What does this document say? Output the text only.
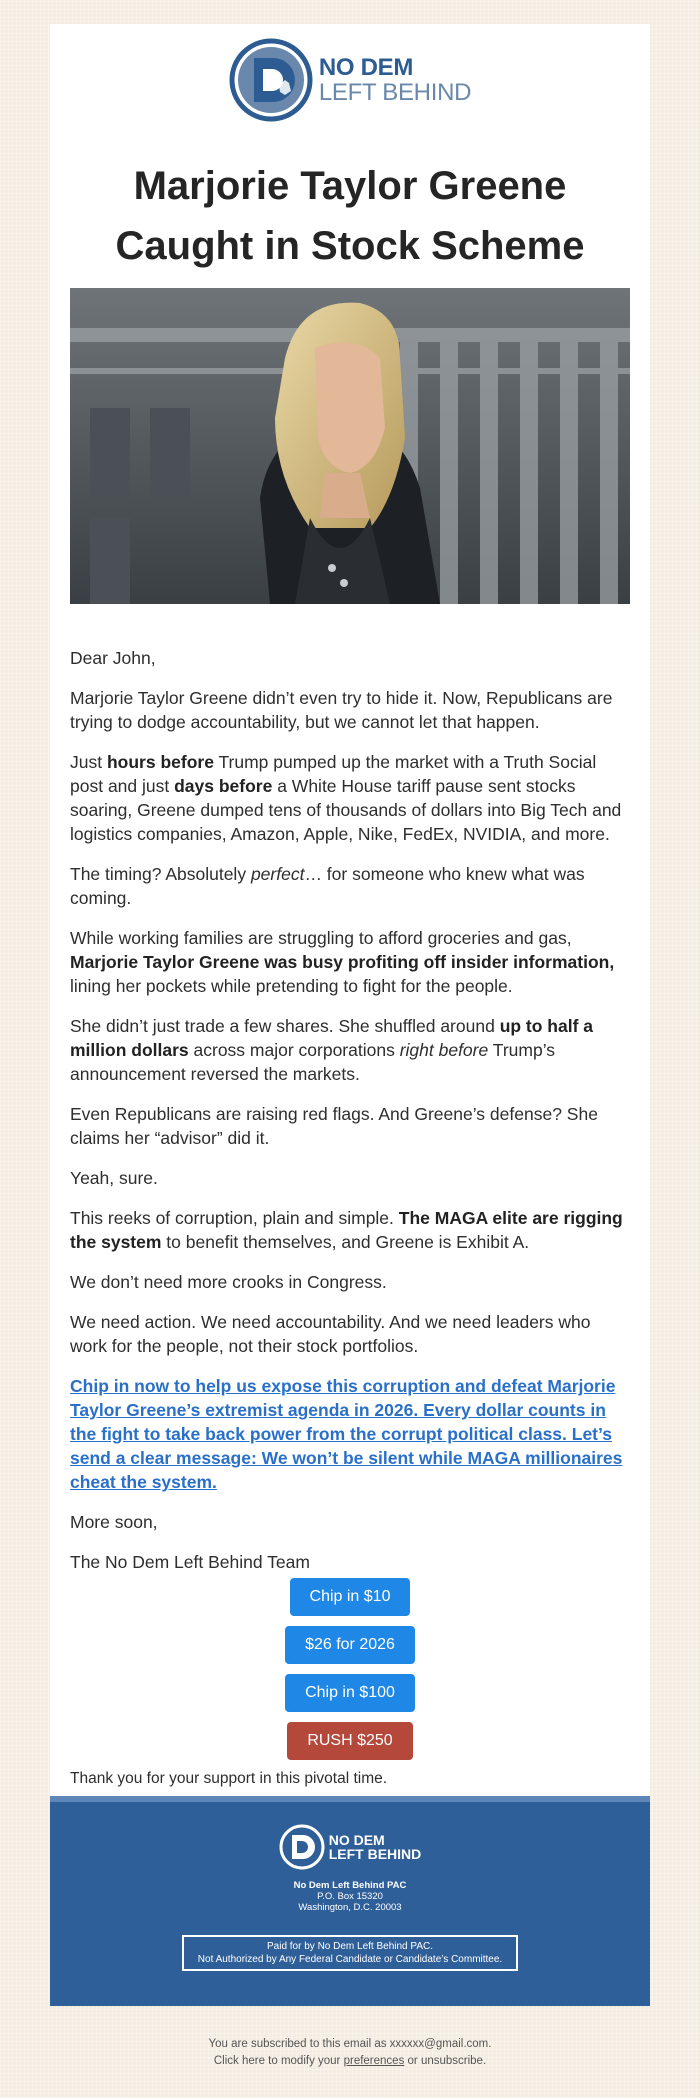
NO DEM
LEFT BEHIND
Marjorie Taylor Greene Caught in Stock Scheme

Dear John,

Marjorie Taylor Greene didn’t even try to hide it. Now, Republicans are trying to dodge accountability, but we cannot let that happen.

Just hours before Trump pumped up the market with a Truth Social post and just days before a White House tariff pause sent stocks soaring, Greene dumped tens of thousands of dollars into Big Tech and logistics companies, Amazon, Apple, Nike, FedEx, NVIDIA, and more.

The timing? Absolutely perfect… for someone who knew what was coming.

While working families are struggling to afford groceries and gas, Marjorie Taylor Greene was busy profiting off insider information, lining her pockets while pretending to fight for the people.

She didn’t just trade a few shares. She shuffled around up to half a million dollars across major corporations right before Trump’s announcement reversed the markets.

Even Republicans are raising red flags. And Greene’s defense? She claims her “advisor” did it.

Yeah, sure.

This reeks of corruption, plain and simple. The MAGA elite are rigging the system to benefit themselves, and Greene is Exhibit A.

We don’t need more crooks in Congress.

We need action. We need accountability. And we need leaders who work for the people, not their stock portfolios.

Chip in now to help us expose this corruption and defeat Marjorie Taylor Greene’s extremist agenda in 2026. Every dollar counts in the fight to take back power from the corrupt political class. Let’s send a clear message: We won’t be silent while MAGA millionaires cheat the system.

More soon,

The No Dem Left Behind Team

Chip in $10
$26 for 2026
Chip in $100
RUSH $250

Thank you for your support in this pivotal time.

NO DEM
LEFT BEHIND
No Dem Left Behind PAC
P.O. Box 15320
Washington, D.C. 20003
Paid for by No Dem Left Behind PAC.
Not Authorized by Any Federal Candidate or Candidate’s Committee.
You are subscribed to this email as xxxxxx@gmail.com.
Click here to modify your preferences or unsubscribe.
